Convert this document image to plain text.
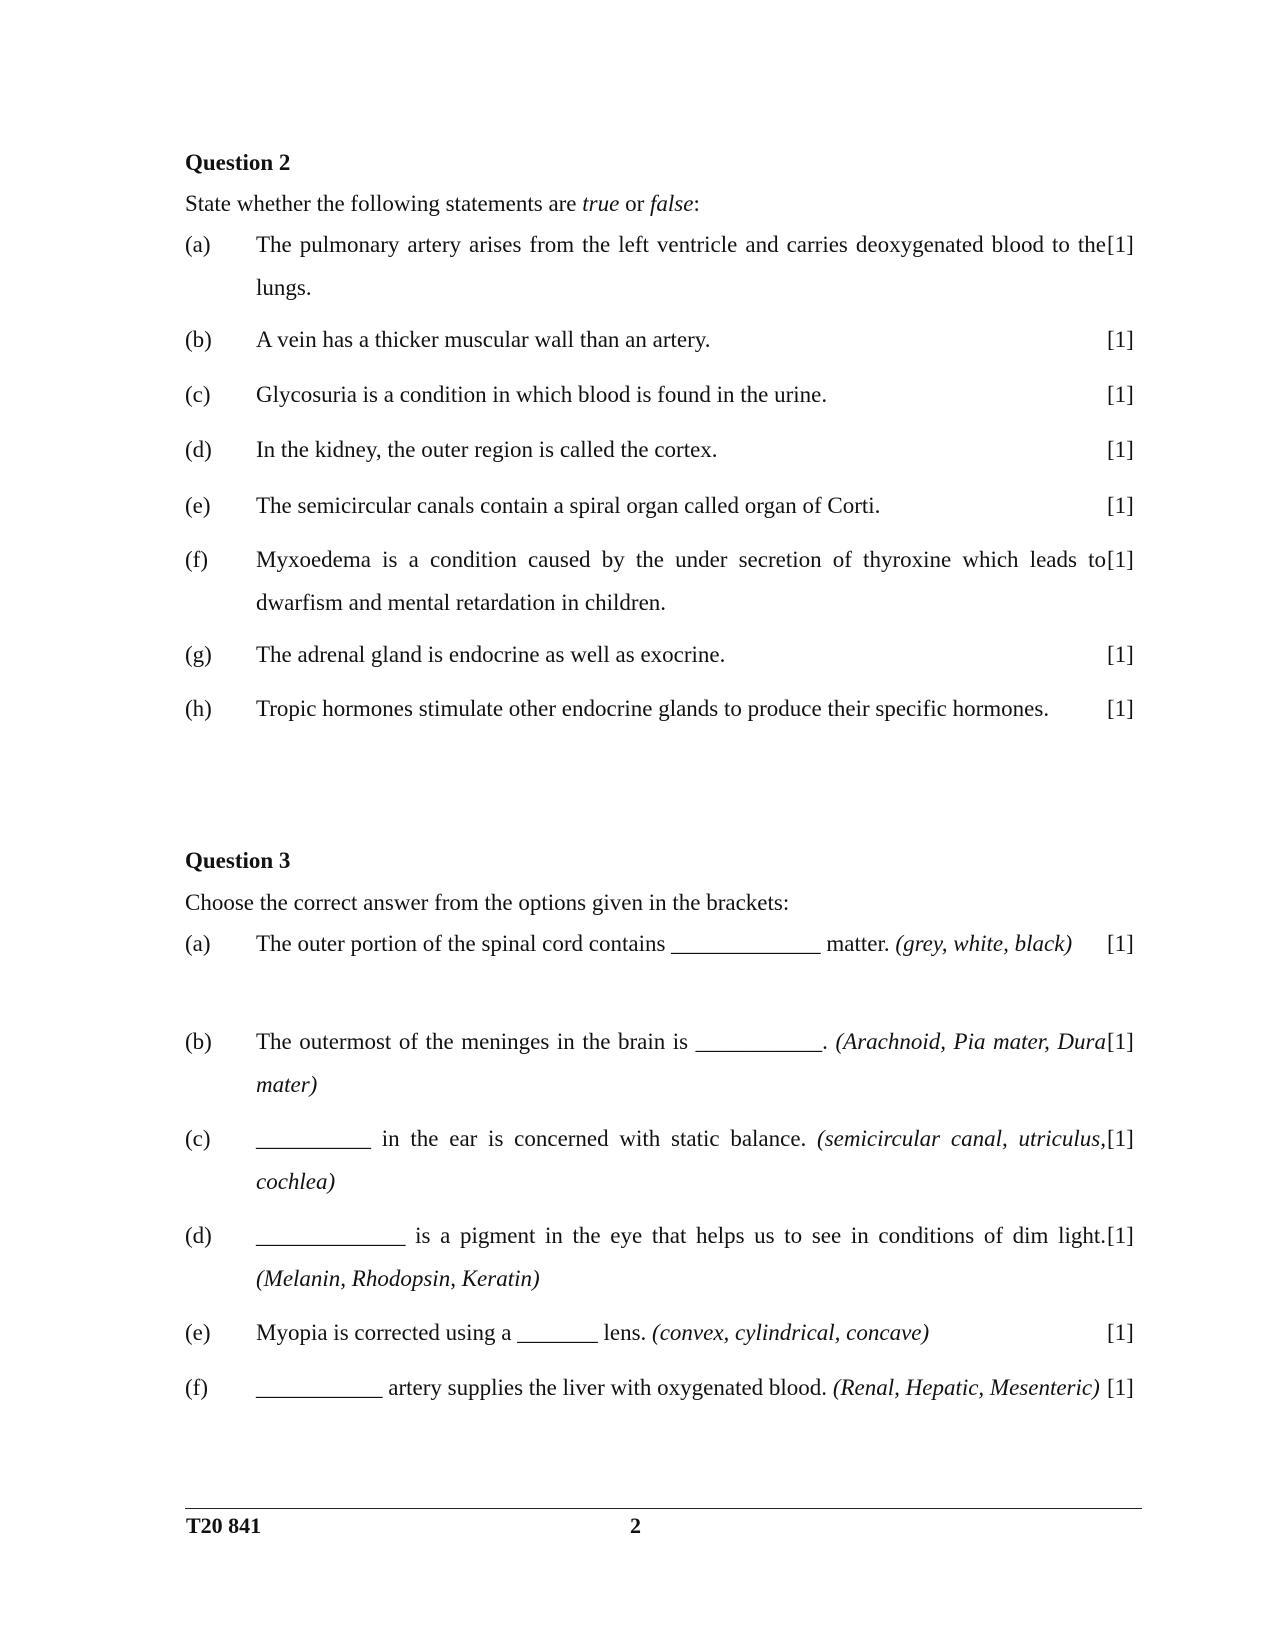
Question 2
State whether the following statements are true or false:
(a) The pulmonary artery arises from the left ventricle and carries deoxygenated blood to the lungs.
[1]
(b) A vein has a thicker muscular wall than an artery.	[1]
(c) Glycosuria is a condition in which blood is found in the urine.	[1]
(d) In the kidney, the outer region is called the cortex.	[1]
(e) The semicircular canals contain a spiral organ called organ of Corti.	[1]
(f) Myxoedema is a condition caused by the under secretion of thyroxine which leads to dwarfism and mental retardation in children.
[1]
(g) The adrenal gland is endocrine as well as exocrine.	[1]
(h) Tropic hormones stimulate other endocrine glands to produce their specific hormones.	[1]
Question 3
Choose the correct answer from the options given in the brackets:
(a) The outer portion of the spinal cord contains _____________ matter. (grey, white, black)	[1]
(b) The outermost of the meninges in the brain is ___________. (Arachnoid, Pia mater, Dura mater)
[1]
(c) __________ in the ear is concerned with static balance. (semicircular canal, utriculus, cochlea)
[1]
(d) _____________ is a pigment in the eye that helps us to see in conditions of dim light. (Melanin, Rhodopsin, Keratin)
[1]
(e) Myopia is corrected using a _______ lens. (convex, cylindrical, concave)	[1]
(f) ___________ artery supplies the liver with oxygenated blood. (Renal, Hepatic, Mesenteric) [1]
T20 841	2
